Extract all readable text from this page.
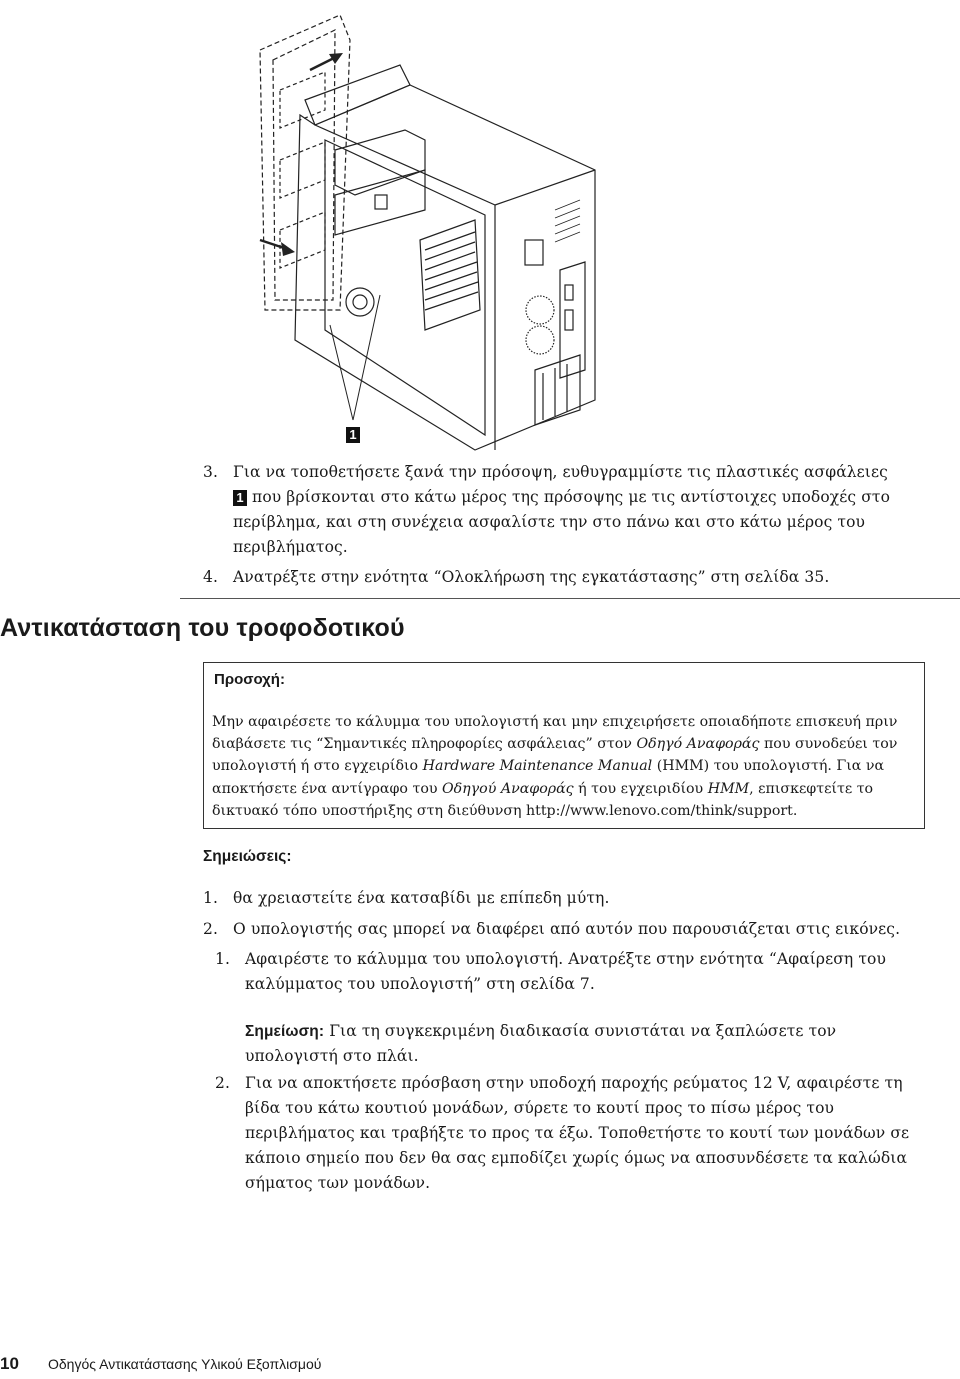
1
3. Για να τοποθετήσετε ξανά την πρόσοψη, ευθυγραμμίστε τις πλαστικές ασφάλειες
1 που βρίσκονται στο κάτω μέρος της πρόσοψης με τις αντίστοιχες υποδοχές στο
περίβλημα, και στη συνέχεια ασφαλίστε την στο πάνω και στο κάτω μέρος του
περιβλήματος.
4. Ανατρέξτε στην ενότητα “Ολοκλήρωση της εγκατάστασης” στη σελίδα 35.
Αντικατάσταση του τροφοδοτικού
Προσοχή:
Μην αφαιρέσετε το κάλυμμα του υπολογιστή και μην επιχειρήσετε οποιαδήποτε επισκευή πριν
διαβάσετε τις “Σημαντικές πληροφορίες ασφάλειας” στον Οδηγό Αναφοράς που συνοδεύει τον
υπολογιστή ή στο εγχειρίδιο Hardware Maintenance Manual (HMM) του υπολογιστή. Για να
αποκτήσετε ένα αντίγραφο του Οδηγού Αναφοράς ή του εγχειριδίου HMM, επισκεφτείτε το
δικτυακό τόπο υποστήριξης στη διεύθυνση http://www.lenovo.com/think/support.
Σημειώσεις:
1. θα χρειαστείτε ένα κατσαβίδι με επίπεδη μύτη.
2. Ο υπολογιστής σας μπορεί να διαφέρει από αυτόν που παρουσιάζεται στις εικόνες.
1. Αφαιρέστε το κάλυμμα του υπολογιστή. Ανατρέξτε στην ενότητα “Αφαίρεση του
καλύμματος του υπολογιστή” στη σελίδα 7.
Σημείωση: Για τη συγκεκριμένη διαδικασία συνιστάται να ξαπλώσετε τον
υπολογιστή στο πλάι.
2. Για να αποκτήσετε πρόσβαση στην υποδοχή παροχής ρεύματος 12 V, αφαιρέστε τη
βίδα του κάτω κουτιού μονάδων, σύρετε το κουτί προς το πίσω μέρος του
περιβλήματος και τραβήξτε το προς τα έξω. Τοποθετήστε το κουτί των μονάδων σε
κάποιο σημείο που δεν θα σας εμποδίζει χωρίς όμως να αποσυνδέσετε τα καλώδια
σήματος των μονάδων.
10 Οδηγός Αντικατάστασης Υλικού Εξοπλισμού
